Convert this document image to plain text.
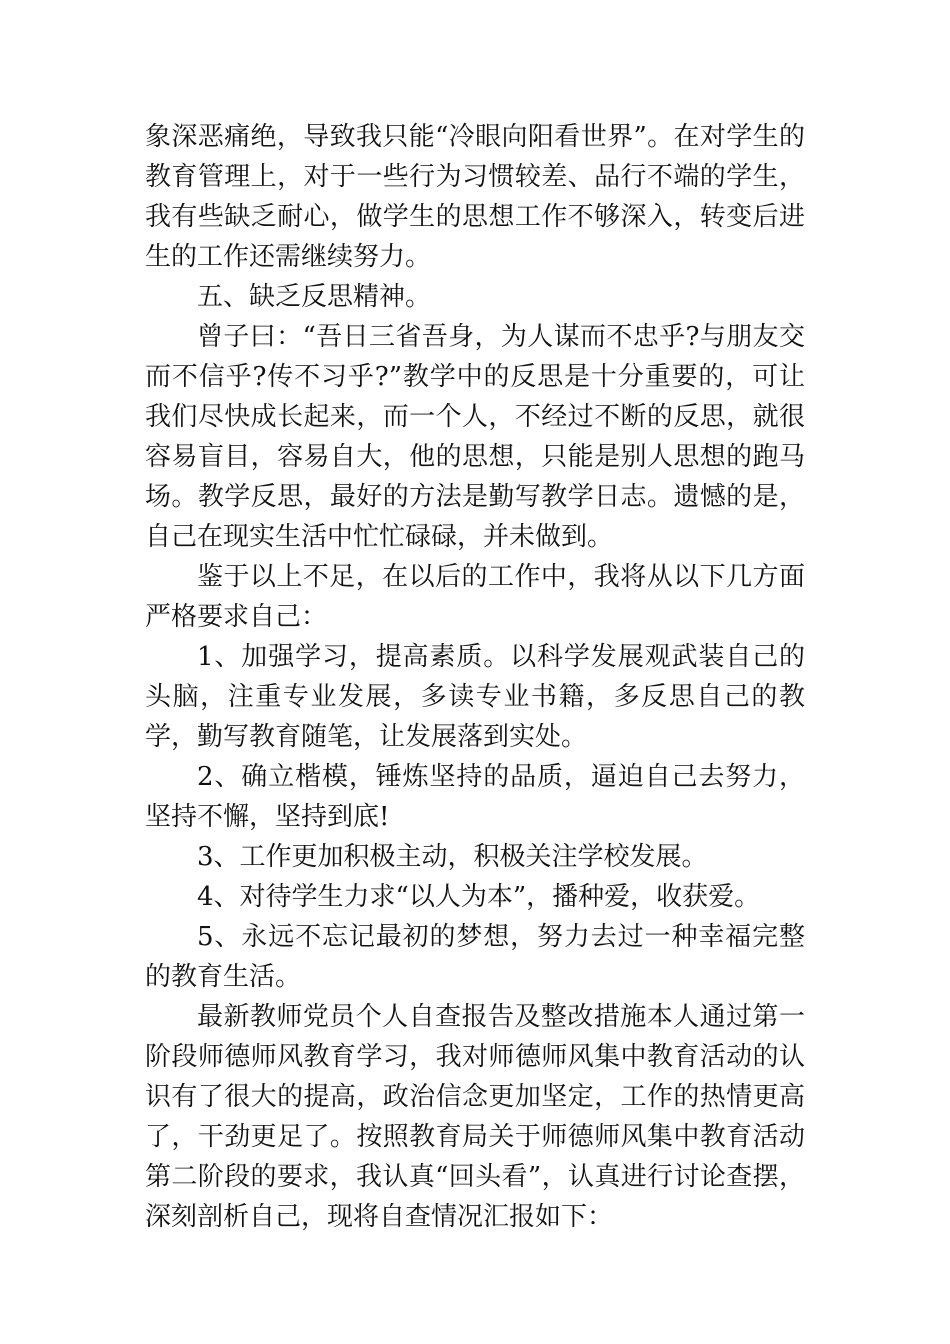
象深恶痛绝，导致我只能“冷眼向阳看世界”。在对学生的教育管理上，对于一些行为习惯较差、品行不端的学生，我有些缺乏耐心，做学生的思想工作不够深入，转变后进生的工作还需继续努力。

五、缺乏反思精神。

曾子曰：“吾日三省吾身，为人谋而不忠乎?与朋友交而不信乎?传不习乎?”教学中的反思是十分重要的，可让我们尽快成长起来，而一个人，不经过不断的反思，就很容易盲目，容易自大，他的思想，只能是别人思想的跑马场。教学反思，最好的方法是勤写教学日志。遗憾的是，自己在现实生活中忙忙碌碌，并未做到。

鉴于以上不足，在以后的工作中，我将从以下几方面严格要求自己：

1、加强学习，提高素质。以科学发展观武装自己的头脑，注重专业发展，多读专业书籍，多反思自己的教学，勤写教育随笔，让发展落到实处。

2、确立楷模，锤炼坚持的品质，逼迫自己去努力，坚持不懈，坚持到底!

3、工作更加积极主动，积极关注学校发展。

4、对待学生力求“以人为本”，播种爱，收获爱。

5、永远不忘记最初的梦想，努力去过一种幸福完整的教育生活。

最新教师党员个人自查报告及整改措施本人通过第一阶段师德师风教育学习，我对师德师风集中教育活动的认识有了很大的提高，政治信念更加坚定，工作的热情更高了，干劲更足了。按照教育局关于师德师风集中教育活动第二阶段的要求，我认真“回头看”，认真进行讨论查摆，深刻剖析自己，现将自查情况汇报如下：
